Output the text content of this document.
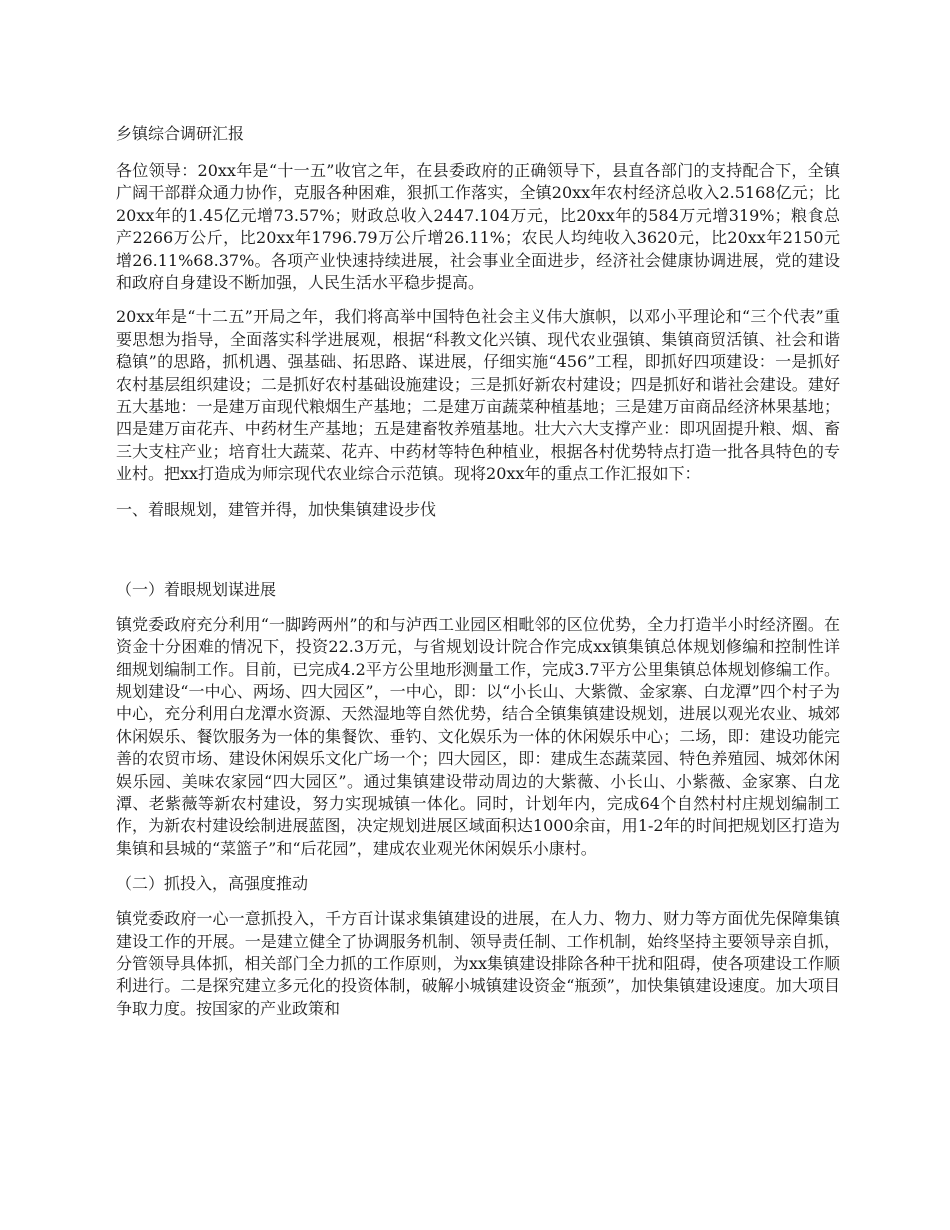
乡镇综合调研汇报

各位领导：20xx年是“十一五”收官之年，在县委政府的正确领导下，县直各部门的支持配合下，全镇广阔干部群众通力协作，克服各种困难，狠抓工作落实，全镇20xx年农村经济总收入2.5168亿元；比20xx年的1.45亿元增73.57%；财政总收入2447.104万元，比20xx年的584万元增319%；粮食总产2266万公斤，比20xx年1796.79万公斤增26.11%；农民人均纯收入3620元，比20xx年2150元增26.11%68.37%。各项产业快速持续进展，社会事业全面进步，经济社会健康协调进展，党的建设和政府自身建设不断加强，人民生活水平稳步提高。

20xx年是“十二五”开局之年，我们将高举中国特色社会主义伟大旗帜，以邓小平理论和“三个代表”重要思想为指导，全面落实科学进展观，根据“科教文化兴镇、现代农业强镇、集镇商贸活镇、社会和谐稳镇”的思路，抓机遇、强基础、拓思路、谋进展，仔细实施“456”工程，即抓好四项建设：一是抓好农村基层组织建设；二是抓好农村基础设施建设；三是抓好新农村建设；四是抓好和谐社会建设。建好五大基地：一是建万亩现代粮烟生产基地；二是建万亩蔬菜种植基地；三是建万亩商品经济林果基地；四是建万亩花卉、中药材生产基地；五是建畜牧养殖基地。壮大六大支撑产业：即巩固提升粮、烟、畜三大支柱产业；培育壮大蔬菜、花卉、中药材等特色种植业，根据各村优势特点打造一批各具特色的专业村。把xx打造成为师宗现代农业综合示范镇。现将20xx年的重点工作汇报如下：

一、着眼规划，建管并得，加快集镇建设步伐
（一）着眼规划谋进展

镇党委政府充分利用“一脚跨两州”的和与泸西工业园区相毗邻的区位优势，全力打造半小时经济圈。在资金十分困难的情况下，投资22.3万元，与省规划设计院合作完成xx镇集镇总体规划修编和控制性详细规划编制工作。目前，已完成4.2平方公里地形测量工作，完成3.7平方公里集镇总体规划修编工作。规划建设“一中心、两场、四大园区”，一中心，即：以“小长山、大紫微、金家寨、白龙潭”四个村子为中心，充分利用白龙潭水资源、天然湿地等自然优势，结合全镇集镇建设规划，进展以观光农业、城郊休闲娱乐、餐饮服务为一体的集餐饮、垂钓、文化娱乐为一体的休闲娱乐中心；二场，即：建设功能完善的农贸市场、建设休闲娱乐文化广场一个；四大园区，即：建成生态蔬菜园、特色养殖园、城郊休闲娱乐园、美味农家园“四大园区”。通过集镇建设带动周边的大紫薇、小长山、小紫薇、金家寨、白龙潭、老紫薇等新农村建设，努力实现城镇一体化。同时，计划年内，完成64个自然村村庄规划编制工作，为新农村建设绘制进展蓝图，决定规划进展区域面积达1000余亩，用1-2年的时间把规划区打造为集镇和县城的“菜篮子”和“后花园”，建成农业观光休闲娱乐小康村。

（二）抓投入，高强度推动

镇党委政府一心一意抓投入，千方百计谋求集镇建设的进展，在人力、物力、财力等方面优先保障集镇建设工作的开展。一是建立健全了协调服务机制、领导责任制、工作机制，始终坚持主要领导亲自抓，分管领导具体抓，相关部门全力抓的工作原则，为xx集镇建设排除各种干扰和阻碍，使各项建设工作顺利进行。二是探究建立多元化的投资体制，破解小城镇建设资金“瓶颈”，加快集镇建设速度。加大项目争取力度。按国家的产业政策和
